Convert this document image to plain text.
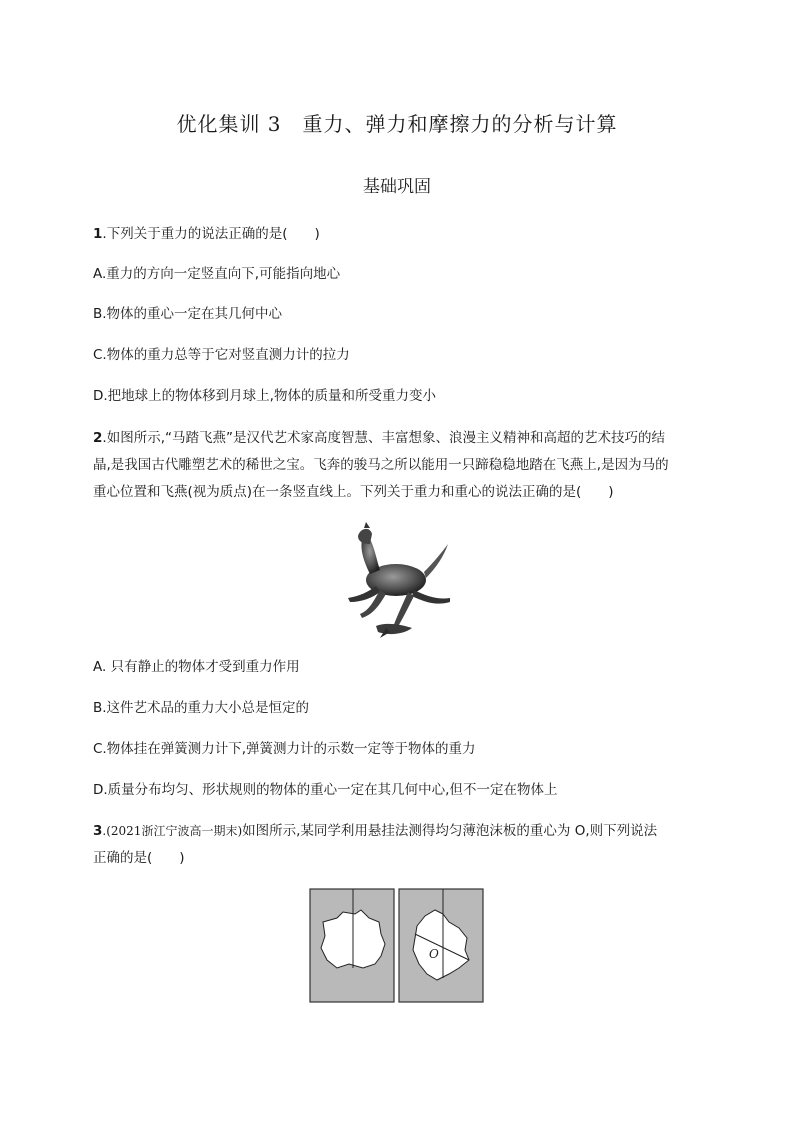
优化集训 3　重力、弹力和摩擦力的分析与计算
基础巩固
1.下列关于重力的说法正确的是(　　)
A.重力的方向一定竖直向下,可能指向地心
B.物体的重心一定在其几何中心
C.物体的重力总等于它对竖直测力计的拉力
D.把地球上的物体移到月球上,物体的质量和所受重力变小
2.如图所示,“马踏飞燕”是汉代艺术家高度智慧、丰富想象、浪漫主义精神和高超的艺术技巧的结
晶,是我国古代雕塑艺术的稀世之宝。飞奔的骏马之所以能用一只蹄稳稳地踏在飞燕上,是因为马的
重心位置和飞燕(视为质点)在一条竖直线上。下列关于重力和重心的说法正确的是(　　)
A. 只有静止的物体才受到重力作用
B.这件艺术品的重力大小总是恒定的
C.物体挂在弹簧测力计下,弹簧测力计的示数一定等于物体的重力
D.质量分布均匀、形状规则的物体的重心一定在其几何中心,但不一定在物体上
3.(2021浙江宁波高一期末)如图所示,某同学利用悬挂法测得均匀薄泡沫板的重心为 O,则下列说法
正确的是(　　)
O
